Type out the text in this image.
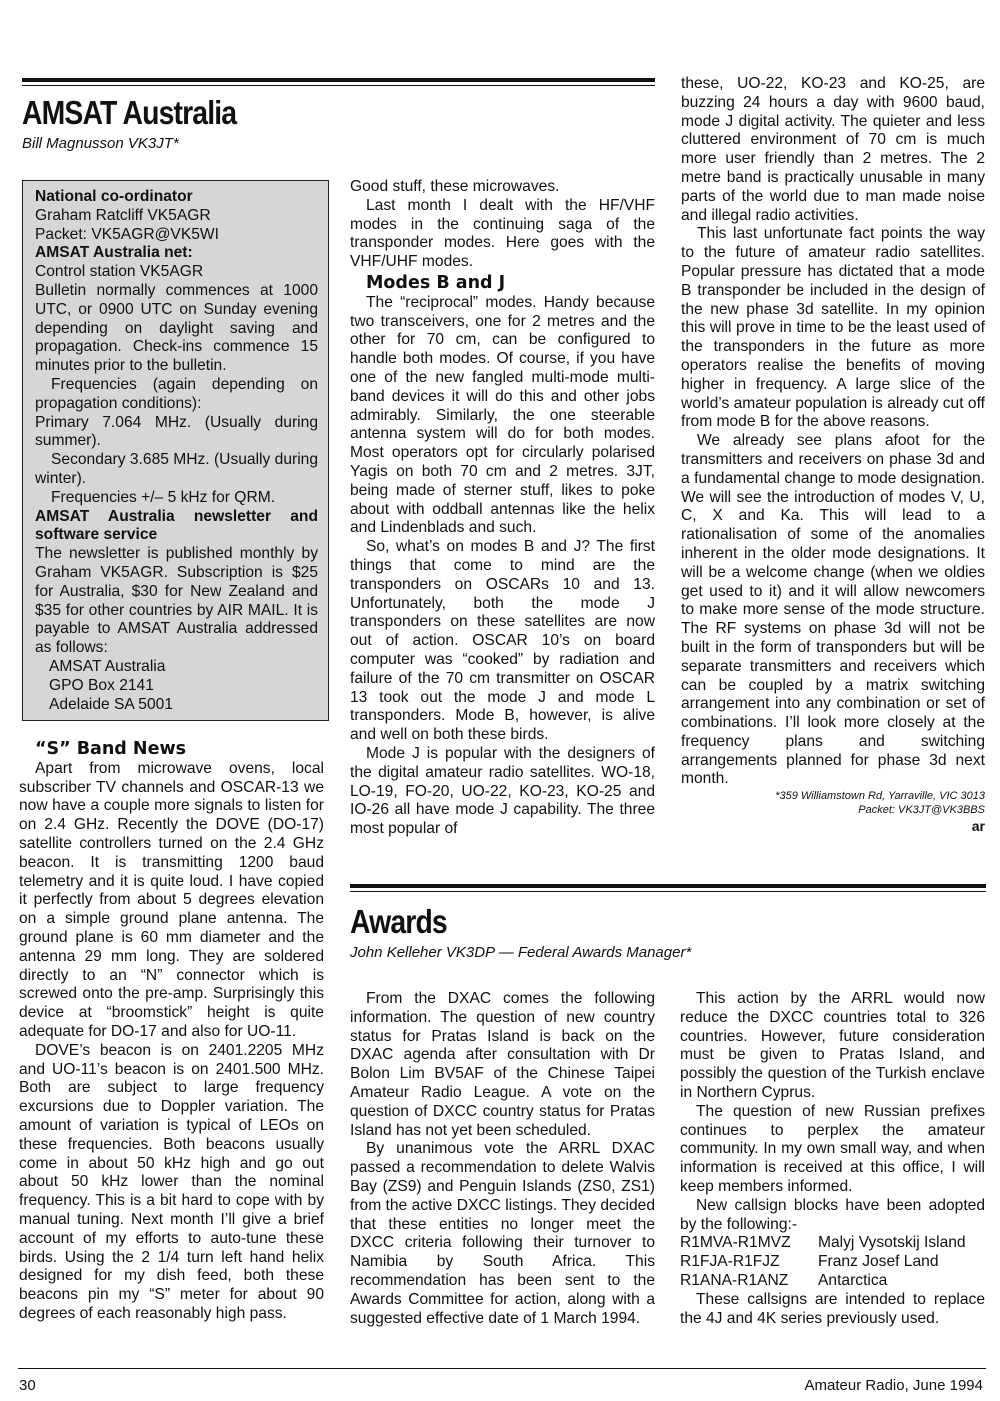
AMSAT Australia
Bill Magnusson VK3JT*

National co-ordinator

Graham Ratcliff VK5AGR

Packet: VK5AGR@VK5WI

AMSAT Australia net:

Control station VK5AGR

Bulletin normally commences at 1000 UTC, or 0900 UTC on Sunday evening depending on daylight saving and propagation. Check-ins commence 15 minutes prior to the bulletin.

Frequencies (again depending on propagation conditions):

Primary 7.064 MHz. (Usually during summer).

Secondary 3.685 MHz. (Usually during winter).

Frequencies +/– 5 kHz for QRM.

AMSAT Australia newsletter and software service

The newsletter is published monthly by Graham VK5AGR. Subscription is $25 for Australia, $30 for New Zealand and $35 for other countries by AIR MAIL. It is payable to AMSAT Australia addressed as follows:

AMSAT Australia

GPO Box 2141

Adelaide SA 5001

“S” Band News

Apart from microwave ovens, local subscriber TV channels and OSCAR-13 we now have a couple more signals to listen for on 2.4 GHz. Recently the DOVE (DO-17) satellite controllers turned on the 2.4 GHz beacon. It is transmitting 1200 baud telemetry and it is quite loud. I have copied it perfectly from about 5 degrees elevation on a simple ground plane antenna. The ground plane is 60 mm diameter and the antenna 29 mm long. They are soldered directly to an “N” connector which is screwed onto the pre-amp. Surprisingly this device at “broomstick” height is quite adequate for DO-17 and also for UO-11.

DOVE’s beacon is on 2401.2205 MHz and UO-11’s beacon is on 2401.500 MHz. Both are subject to large frequency excursions due to Doppler variation. The amount of variation is typical of LEOs on these frequencies. Both beacons usually come in about 50 kHz high and go out about 50 kHz lower than the nominal frequency. This is a bit hard to cope with by manual tuning. Next month I’ll give a brief account of my efforts to auto-tune these birds. Using the 2 1/4 turn left hand helix designed for my dish feed, both these beacons pin my “S” meter for about 90 degrees of each reasonably high pass.

Good stuff, these microwaves.

Last month I dealt with the HF/VHF modes in the continuing saga of the transponder modes. Here goes with the VHF/UHF modes.

Modes B and J

The “reciprocal” modes. Handy because two transceivers, one for 2 metres and the other for 70 cm, can be configured to handle both modes. Of course, if you have one of the new fangled multi-mode multi-band devices it will do this and other jobs admirably. Similarly, the one steerable antenna system will do for both modes. Most operators opt for circularly polarised Yagis on both 70 cm and 2 metres. 3JT, being made of sterner stuff, likes to poke about with oddball antennas like the helix and Lindenblads and such.

So, what’s on modes B and J? The first things that come to mind are the transponders on OSCARs 10 and 13. Unfortunately, both the mode J transponders on these satellites are now out of action. OSCAR 10’s on board computer was “cooked” by radiation and failure of the 70 cm transmitter on OSCAR 13 took out the mode J and mode L transponders. Mode B, however, is alive and well on both these birds.

Mode J is popular with the designers of the digital amateur radio satellites. WO-18, LO-19, FO-20, UO-22, KO-23, KO-25 and IO-26 all have mode J capability. The three most popular of

these, UO-22, KO-23 and KO-25, are buzzing 24 hours a day with 9600 baud, mode J digital activity. The quieter and less cluttered environment of 70 cm is much more user friendly than 2 metres. The 2 metre band is practically unusable in many parts of the world due to man made noise and illegal radio activities.

This last unfortunate fact points the way to the future of amateur radio satellites. Popular pressure has dictated that a mode B transponder be included in the design of the new phase 3d satellite. In my opinion this will prove in time to be the least used of the transponders in the future as more operators realise the benefits of moving higher in frequency. A large slice of the world’s amateur population is already cut off from mode B for the above reasons.

We already see plans afoot for the transmitters and receivers on phase 3d and a fundamental change to mode designation. We will see the introduction of modes V, U, C, X and Ka. This will lead to a rationalisation of some of the anomalies inherent in the older mode designations. It will be a welcome change (when we oldies get used to it) and it will allow newcomers to make more sense of the mode structure. The RF systems on phase 3d will not be built in the form of transponders but will be separate transmitters and receivers which can be coupled by a matrix switching arrangement into any combination or set of combinations. I’ll look more closely at the frequency plans and switching arrangements planned for phase 3d next month.

*359 Williamstown Rd, Yarraville, VIC 3013
Packet: VK3JT@VK3BBS
ar
Awards
John Kelleher VK3DP — Federal Awards Manager*

From the DXAC comes the following information. The question of new country status for Pratas Island is back on the DXAC agenda after consultation with Dr Bolon Lim BV5AF of the Chinese Taipei Amateur Radio League. A vote on the question of DXCC country status for Pratas Island has not yet been scheduled.

By unanimous vote the ARRL DXAC passed a recommendation to delete Walvis Bay (ZS9) and Penguin Islands (ZS0, ZS1) from the active DXCC listings. They decided that these entities no longer meet the DXCC criteria following their turnover to Namibia by South Africa. This recommendation has been sent to the Awards Committee for action, along with a suggested effective date of 1 March 1994.

This action by the ARRL would now reduce the DXCC countries total to 326 countries. However, future consideration must be given to Pratas Island, and possibly the question of the Turkish enclave in Northern Cyprus.

The question of new Russian prefixes continues to perplex the amateur community. In my own small way, and when information is received at this office, I will keep members informed.

New callsign blocks have been adopted by the following:-

R1MVA-R1MVZ	Malyj Vysotskij Island
R1FJA-R1FJZ	Franz Josef Land
R1ANA-R1ANZ	Antarctica

These callsigns are intended to replace the 4J and 4K series previously used.

30	Amateur Radio, June 1994
